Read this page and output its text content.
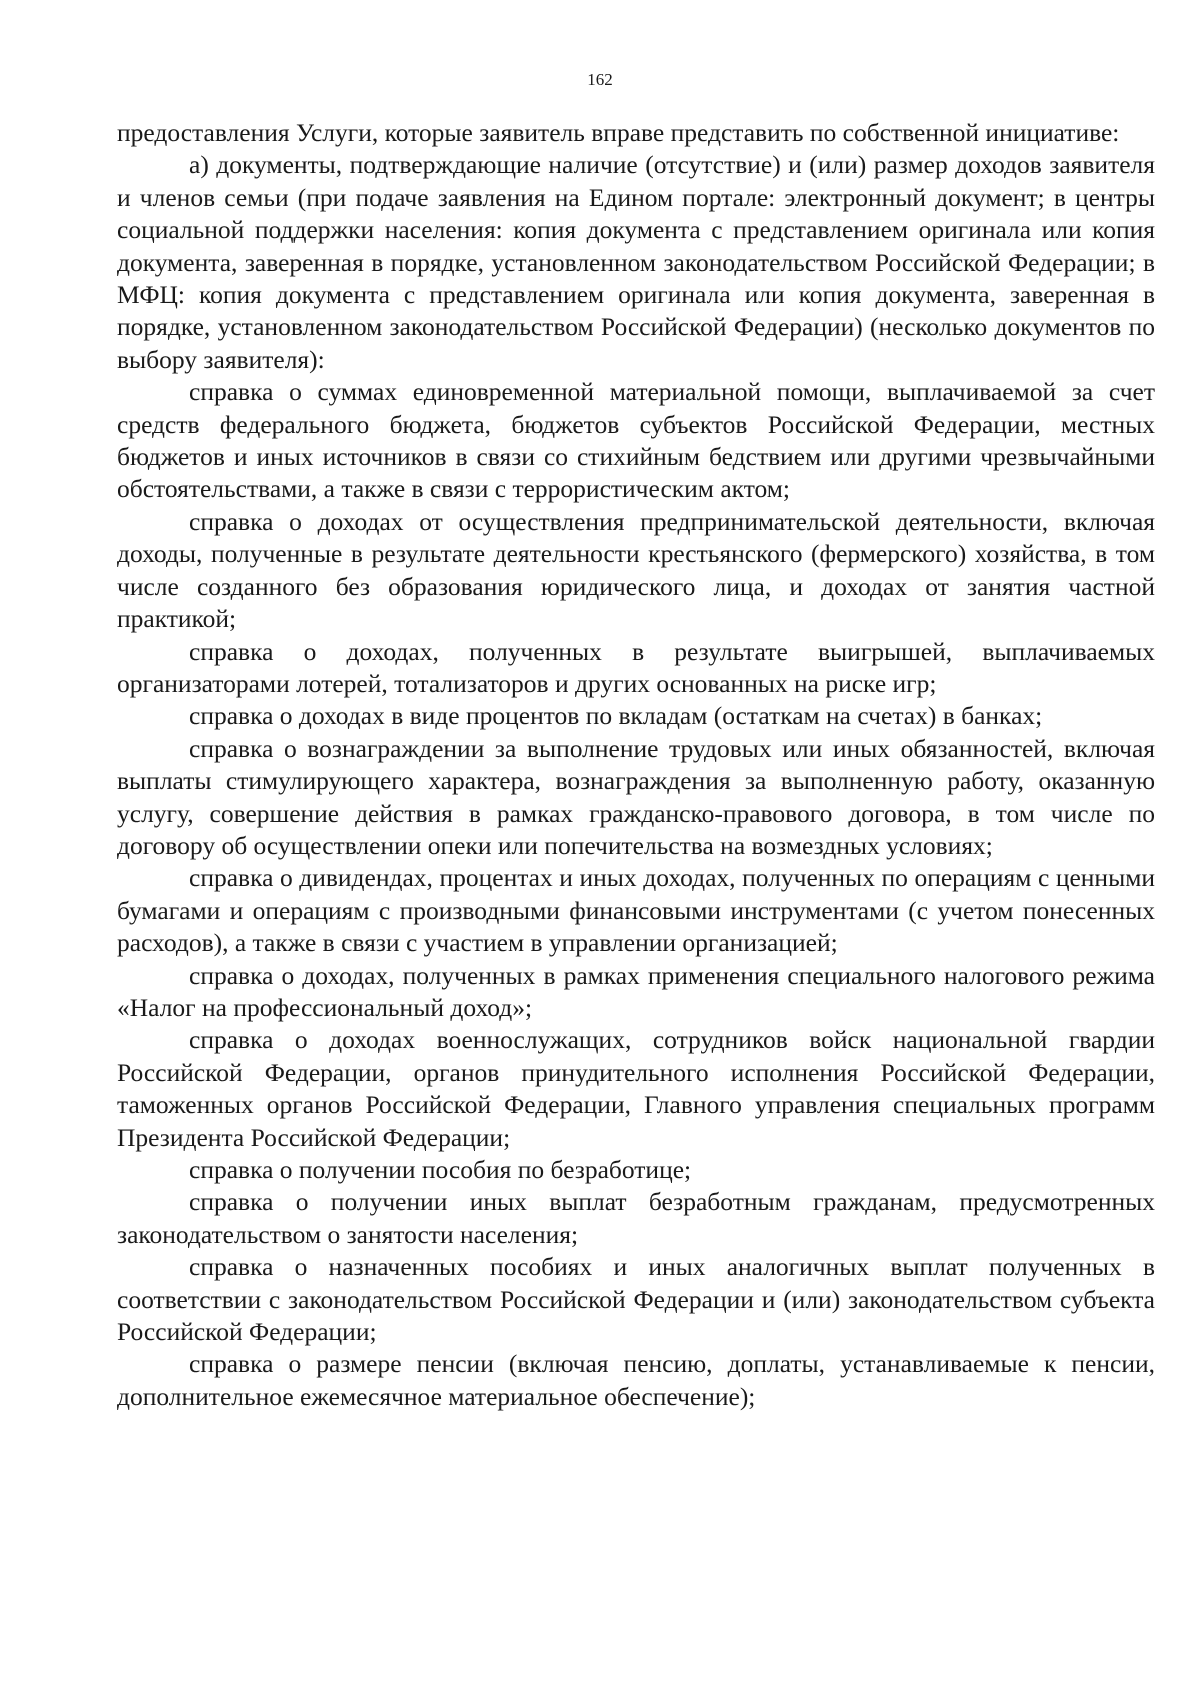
162

предоставления Услуги, которые заявитель вправе представить по собственной инициативе:

а) документы, подтверждающие наличие (отсутствие) и (или) размер доходов заявителя и членов семьи (при подаче заявления на Едином портале: электронный документ; в центры социальной поддержки населения: копия документа с представлением оригинала или копия документа, заверенная в порядке, установленном законодательством Российской Федерации; в МФЦ: копия документа с представлением оригинала или копия документа, заверенная в порядке, установленном законодательством Российской Федерации) (несколько документов по выбору заявителя):

справка о суммах единовременной материальной помощи, выплачиваемой за счет средств федерального бюджета, бюджетов субъектов Российской Федерации, местных бюджетов и иных источников в связи со стихийным бедствием или другими чрезвычайными обстоятельствами, а также в связи с террористическим актом;

справка о доходах от осуществления предпринимательской деятельности, включая доходы, полученные в результате деятельности крестьянского (фермерского) хозяйства, в том числе созданного без образования юридического лица, и доходах от занятия частной практикой;

справка о доходах, полученных в результате выигрышей, выплачиваемых организаторами лотерей, тотализаторов и других основанных на риске игр;

справка о доходах в виде процентов по вкладам (остаткам на счетах) в банках;

справка о вознаграждении за выполнение трудовых или иных обязанностей, включая выплаты стимулирующего характера, вознаграждения за выполненную работу, оказанную услугу, совершение действия в рамках гражданско-правового договора, в том числе по договору об осуществлении опеки или попечительства на возмездных условиях;

справка о дивидендах, процентах и иных доходах, полученных по операциям с ценными бумагами и операциям с производными финансовыми инструментами (с учетом понесенных расходов), а также в связи с участием в управлении организацией;

справка о доходах, полученных в рамках применения специального налогового режима «Налог на профессиональный доход»;

справка о доходах военнослужащих, сотрудников войск национальной гвардии Российской Федерации, органов принудительного исполнения Российской Федерации, таможенных органов Российской Федерации, Главного управления специальных программ Президента Российской Федерации;

справка о получении пособия по безработице;

справка о получении иных выплат безработным гражданам, предусмотренных законодательством о занятости населения;

справка о назначенных пособиях и иных аналогичных выплат полученных в соответствии с законодательством Российской Федерации и (или) законодательством субъекта Российской Федерации;

справка о размере пенсии (включая пенсию, доплаты, устанавливаемые к пенсии, дополнительное ежемесячное материальное обеспечение);
